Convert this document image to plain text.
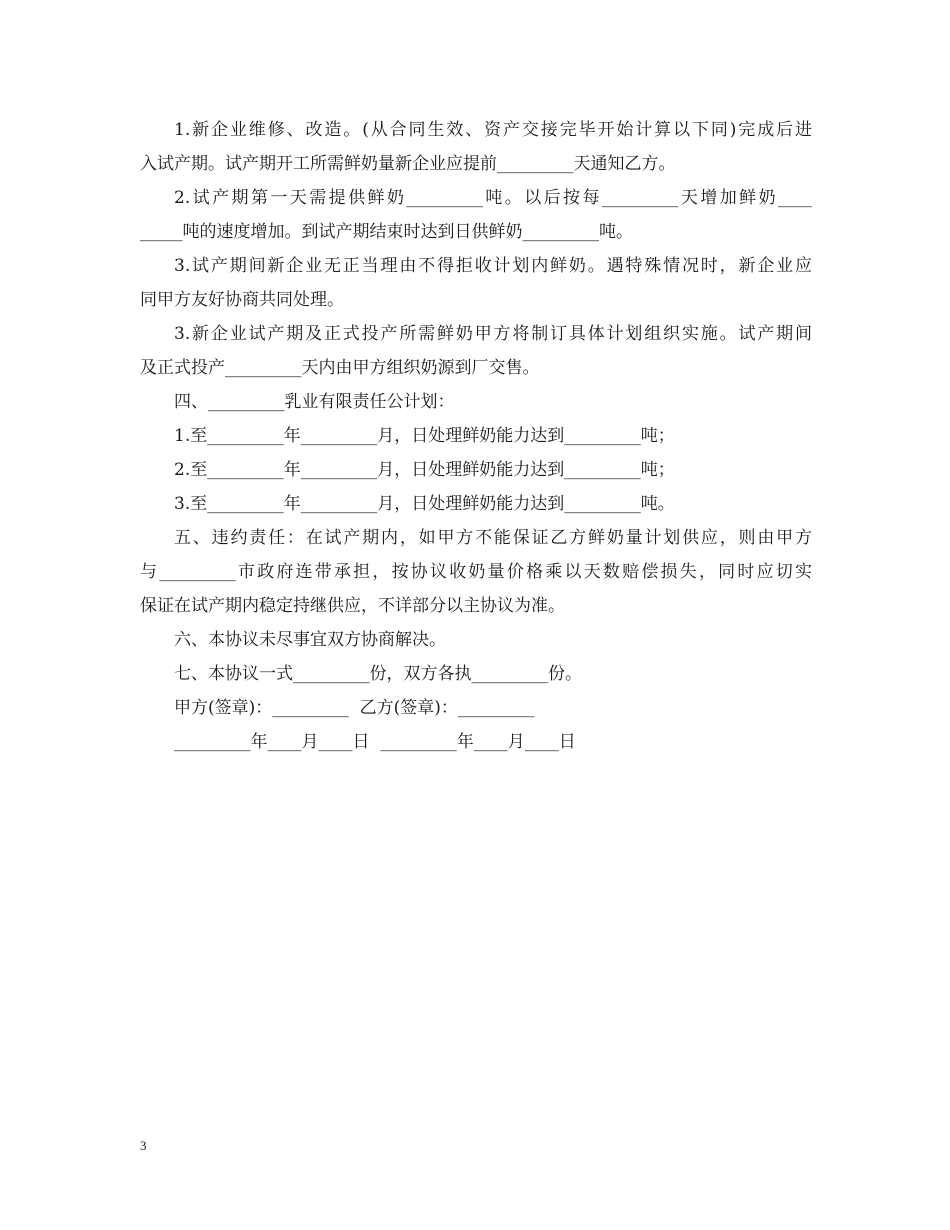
1.新企业维修、改造。(从合同生效、资产交接完毕开始计算以下同)完成后进
入试产期。试产期开工所需鲜奶量新企业应提前_________天通知乙方。
2.试产期第一天需提供鲜奶_________吨。以后按每_________天增加鲜奶____
_____吨的速度增加。到试产期结束时达到日供鲜奶_________吨。
3.试产期间新企业无正当理由不得拒收计划内鲜奶。遇特殊情况时，新企业应
同甲方友好协商共同处理。
3.新企业试产期及正式投产所需鲜奶甲方将制订具体计划组织实施。试产期间
及正式投产_________天内由甲方组织奶源到厂交售。
四、_________乳业有限责任公计划：
1.至_________年_________月，日处理鲜奶能力达到_________吨；
2.至_________年_________月，日处理鲜奶能力达到_________吨；
3.至_________年_________月，日处理鲜奶能力达到_________吨。
五、违约责任：在试产期内，如甲方不能保证乙方鲜奶量计划供应，则由甲方
与_________市政府连带承担，按协议收奶量价格乘以天数赔偿损失，同时应切实
保证在试产期内稳定持继供应，不详部分以主协议为准。
六、本协议未尽事宜双方协商解决。
七、本协议一式_________份，双方各执_________份。
甲方(签章)：_________  乙方(签章)：_________
_________年____月____日  _________年____月____日
3
